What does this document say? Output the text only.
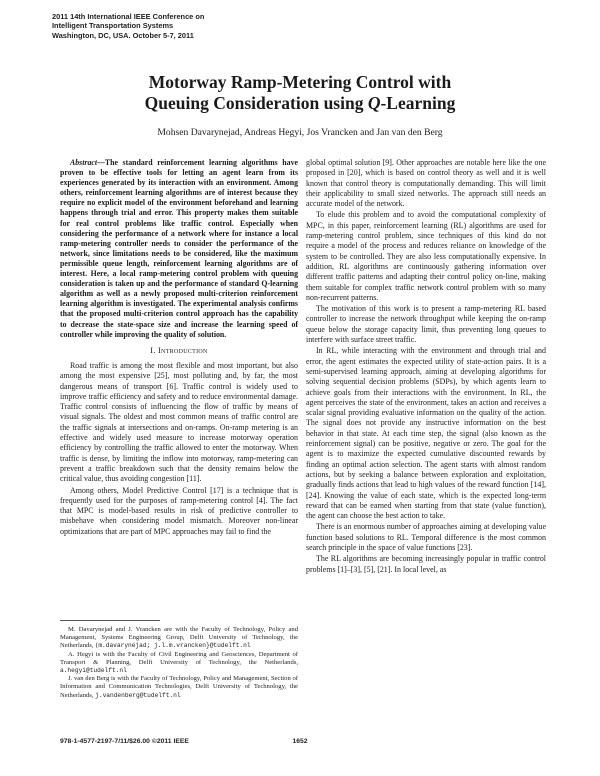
2011 14th International IEEE Conference on
Intelligent Transportation Systems
Washington, DC, USA. October 5-7, 2011
Motorway Ramp-Metering Control with
Queuing Consideration using Q-Learning
Mohsen Davarynejad, Andreas Hegyi, Jos Vrancken and Jan van den Berg

Abstract—The standard reinforcement learning algorithms have proven to be effective tools for letting an agent learn from its experiences generated by its interaction with an environment. Among others, reinforcement learning algorithms are of interest because they require no explicit model of the environment beforehand and learning happens through trial and error. This property makes them suitable for real control problems like traffic control. Especially when considering the performance of a network where for instance a local ramp-metering controller needs to consider the performance of the network, since limitations needs to be considered, like the maximum permissible queue length, reinforcement learning algorithms are of interest. Here, a local ramp-metering control problem with queuing consideration is taken up and the performance of standard Q-learning algorithm as well as a newly proposed multi-criterion reinforcement learning algorithm is investigated. The experimental analysis confirms that the proposed multi-criterion control approach has the capability to decrease the state-space size and increase the learning speed of controller while improving the quality of solution.

I. Introduction

Road traffic is among the most flexible and most important, but also among the most expensive [25], most polluting and, by far, the most dangerous means of transport [6]. Traffic control is widely used to improve traffic efficiency and safety and to reduce environmental damage. Traffic control consists of influencing the flow of traffic by means of visual signals. The oldest and most common means of traffic control are the traffic signals at intersections and on-ramps. On-ramp metering is an effective and widely used measure to increase motorway operation efficiency by controlling the traffic allowed to enter the motorway. When traffic is dense, by limiting the inflow into motorway, ramp-metering can prevent a traffic breakdown such that the density remains below the critical value, thus avoiding congestion [11].

Among others, Model Predictive Control [17] is a technique that is frequently used for the purposes of ramp-metering control [4]. The fact that MPC is model-based results in risk of predictive controller to misbehave when considering model mismatch. Moreover non-linear optimizations that are part of MPC approaches may fail to find the

M. Davarynejad and J. Vrancken are with the Faculty of Technology, Policy and Management, Systems Engineering Group, Delft University of Technology, the Netherlands, {m.davarynejad; j.l.m.vrancken}@tudelft.nl

A. Hegyi is with the Faculty of Civil Engineering and Geosciences, Department of Transport & Planning, Delft University of Technology, the Netherlands, a.hegyi@tudelft.nl

J. van den Berg is with the Faculty of Technology, Policy and Management, Section of Information and Communication Technologies, Delft University of Technology, the Netherlands, j.vandenberg@tudelft.nl

global optimal solution [9]. Other approaches are notable here like the one proposed in [20], which is based on control theory as well and it is well known that control theory is computationally demanding. This will limit their applicability to small sized networks. The approach still needs an accurate model of the network.

To elude this problem and to avoid the computational complexity of MPC, in this paper, reinforcement learning (RL) algorithms are used for ramp-metering control problem, since techniques of this kind do not require a model of the process and reduces reliance on knowledge of the system to be controlled. They are also less computationally expensive. In addition, RL algorithms are continuously gathering information over different traffic patterns and adapting their control policy on-line, making them suitable for complex traffic network control problem with so many non-recurrent patterns.

The motivation of this work is to present a ramp-metering RL based controller to increase the network throughput while keeping the on-ramp queue below the storage capacity limit, thus preventing long queues to interfere with surface street traffic.

In RL, while interacting with the environment and through trial and error, the agent estimates the expected utility of state-action pairs. It is a semi-supervised learning approach, aiming at developing algorithms for solving sequential decision problems (SDPs), by which agents learn to achieve goals from their interactions with the environment. In RL, the agent perceives the state of the environment, takes an action and receives a scalar signal providing evaluative information on the quality of the action. The signal does not provide any instructive information on the best behavior in that state. At each time step, the signal (also known as the reinforcement signal) can be positive, negative or zero. The goal for the agent is to maximize the expected cumulative discounted rewards by finding an optimal action selection. The agent starts with almost random actions, but by seeking a balance between exploration and exploitation, gradually finds actions that lead to high values of the reward function [14], [24]. Knowing the value of each state, which is the expected long-term reward that can be earned when starting from that state (value function), the agent can choose the best action to take.

There is an enormous number of approaches aiming at developing value function based solutions to RL. Temporal difference is the most common search principle in the space of value functions [23].

The RL algorithms are becoming increasingly popular in traffic control problems [1]–[3], [5], [21]. In local level, as

978-1-4577-2197-7/11/$26.00 ©2011 IEEE	1652
